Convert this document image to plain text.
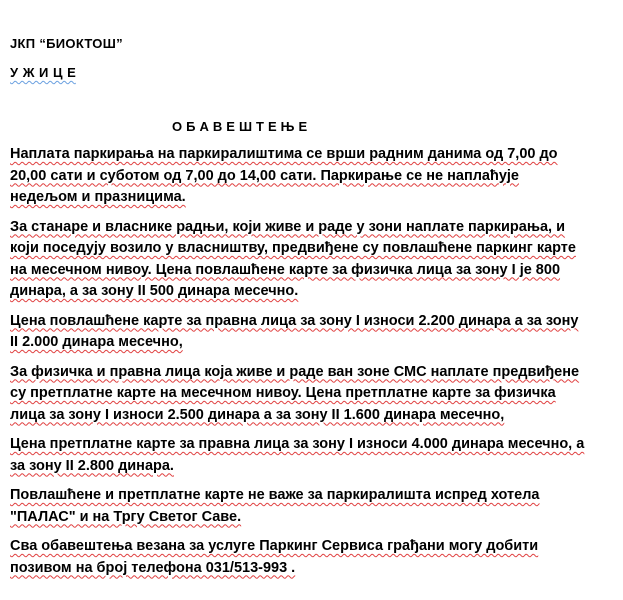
ЈКП “БИОКТОШ”
У Ж И Ц Е
О Б А В Е Ш Т Е Њ Е

Наплата паркирања на паркиралиштима се врши радним данима од 7,00 до 20,00 сати и суботом од 7,00 до 14,00 сати. Паркирање се не наплаћује недељом и празницима.

За станаре и власнике радњи, који живе и раде у зони наплате паркирања, и који поседују возило у власништву, предвиђене су повлашћене паркинг карте на месечном нивоу. Цена повлашћене карте за физичка лица за зону I је 800 динара, а за зону II 500 динара месечно.

Цена повлашћене карте за правна лица за зону I износи 2.200 динара а за зону II 2.000 динара месечно,

За физичка и правна лица која живе и раде ван зоне СМС наплате предвиђене су претплатне карте на месечном нивоу. Цена претплатне карте за физичка лица за зону I износи 2.500 динара а за зону II 1.600 динара месечно,

Цена претплатне карте за правна лица за зону I износи 4.000 динара месечно, а за зону II 2.800 динара.

Повлашћене и претплатне карте не важе за паркиралишта испред хотела "ПАЛАС" и на Тргу Светог Саве.

Сва обавештења везана за услуге Паркинг Сервиса грађани могу добити позивом на број телефона 031/513-993 .
